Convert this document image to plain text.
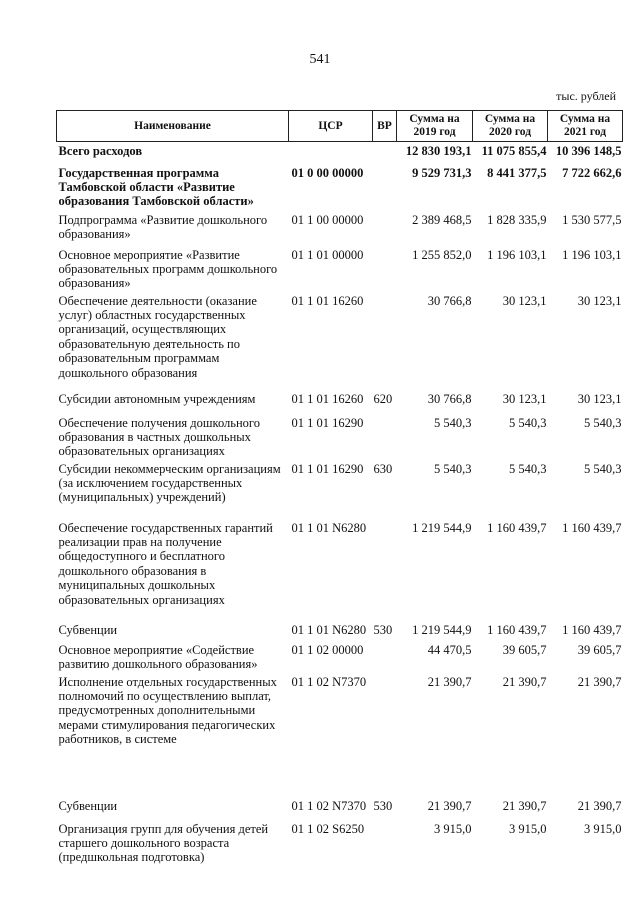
541
тыс. рублей
Наименование	ЦСР	ВР	Сумма на 2019 год	Сумма на 2020 год	Сумма на 2021 год
Всего расходов			12 830 193,1	11 075 855,4	10 396 148,5
Государственная программа Тамбовской области «Развитие образования Тамбовской области»	01 0 00 00000		9 529 731,3	8 441 377,5	7 722 662,6
Подпрограмма «Развитие дошкольного образования»	01 1 00 00000		2 389 468,5	1 828 335,9	1 530 577,5
Основное мероприятие «Развитие образовательных программ дошкольного образования»	01 1 01 00000		1 255 852,0	1 196 103,1	1 196 103,1
Обеспечение деятельности (оказание услуг) областных государственных организаций, осуществляющих образовательную деятельность по образовательным программам дошкольного образования	01 1 01 16260		30 766,8	30 123,1	30 123,1
Субсидии автономным учреждениям	01 1 01 16260	620	30 766,8	30 123,1	30 123,1
Обеспечение получения дошкольного образования в частных дошкольных образовательных организациях	01 1 01 16290		5 540,3	5 540,3	5 540,3
Субсидии некоммерческим организациям (за исключением государственных (муниципальных) учреждений)	01 1 01 16290	630	5 540,3	5 540,3	5 540,3
Обеспечение государственных гарантий реализации прав на получение общедоступного и бесплатного дошкольного образования в муниципальных дошкольных образовательных организациях	01 1 01 N6280		1 219 544,9	1 160 439,7	1 160 439,7
Субвенции	01 1 01 N6280	530	1 219 544,9	1 160 439,7	1 160 439,7
Основное мероприятие «Содействие развитию дошкольного образования»	01 1 02 00000		44 470,5	39 605,7	39 605,7
Исполнение отдельных государственных полномочий по осуществлению выплат, предусмотренных дополнительными мерами стимулирования педагогических работников, в системе	01 1 02 N7370		21 390,7	21 390,7	21 390,7
Субвенции	01 1 02 N7370	530	21 390,7	21 390,7	21 390,7
Организация групп для обучения детей старшего дошкольного возраста (предшкольная подготовка)	01 1 02 S6250		3 915,0	3 915,0	3 915,0
